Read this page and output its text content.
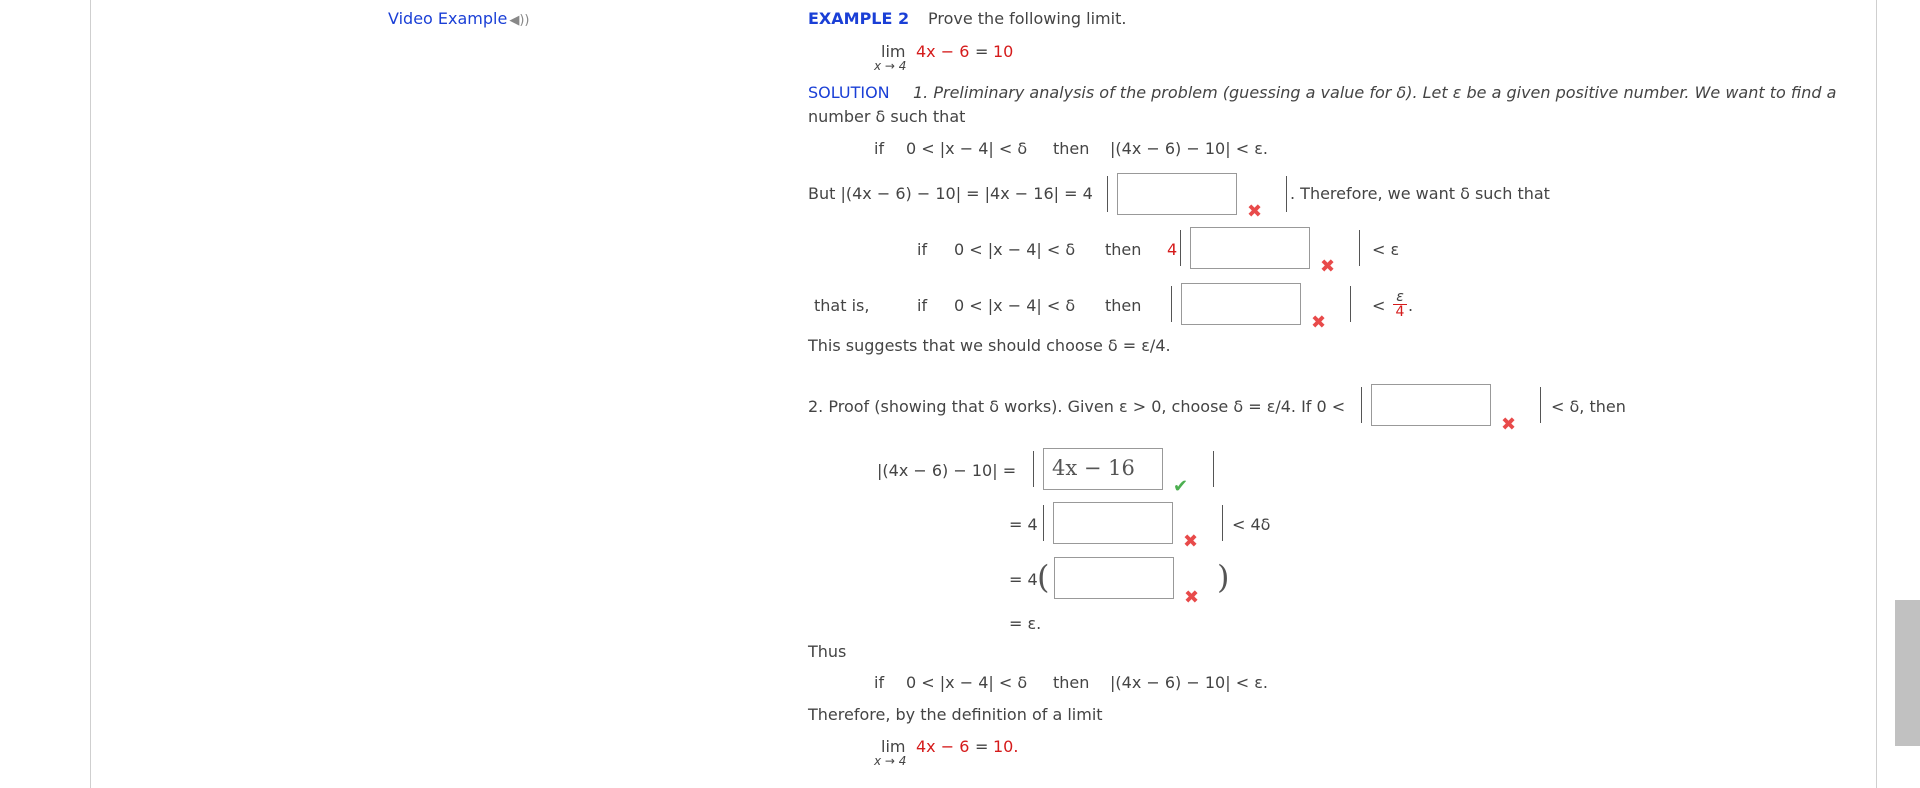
Video Example ◀))	EXAMPLE 2 Prove the following limit.
lim
x → 4
4x − 6 = 10
SOLUTION 1. Preliminary analysis of the problem (guessing a value for δ). Let ε be a given positive number. We want to find a
number δ such that
if 0 < |x − 4| < δ then |(4x − 6) − 10| < ε.
But |(4x − 6) − 10| = |4x − 16| = 4
✖
. Therefore, we want δ such that
if 0 < |x − 4| < δ then 4
✖
< ε
that is,	if 0 < |x − 4| < δ then
✖
< $\frac{\varepsilon}{4}$ .
This suggests that we should choose δ = ε/4.
2. Proof (showing that δ works). Given ε > 0, choose δ = ε/4. If 0 <
✖
< δ, then
|(4x − 6) − 10| =	4x − 16
✔
= 4
✖
< 4δ
= 4 (
✖
)
= ε.
Thus
if 0 < |x − 4| < δ then |(4x − 6) − 10| < ε.
Therefore, by the definition of a limit
lim
x → 4
4x − 6 = 10.
